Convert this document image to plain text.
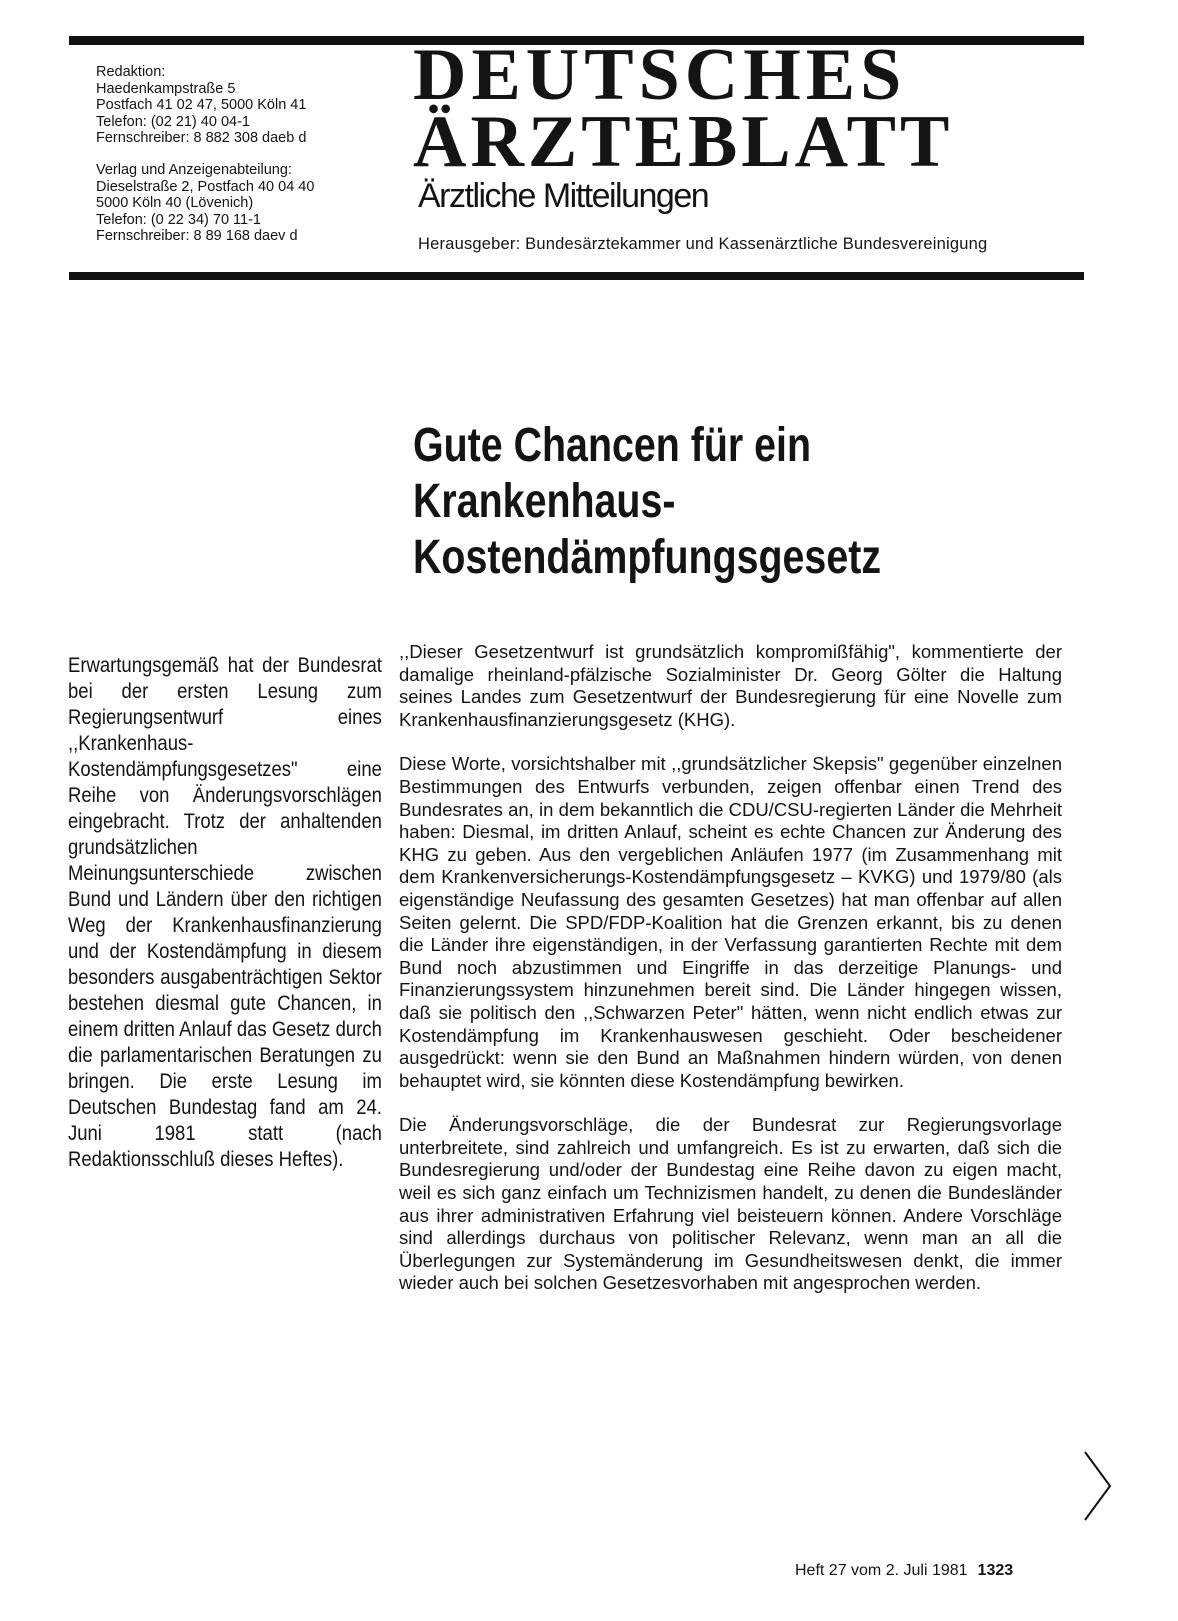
Redaktion:
Haedenkampstraße 5
Postfach 41 02 47, 5000 Köln 41
Telefon: (02 21) 40 04-1
Fernschreiber: 8 882 308 daeb d
Verlag und Anzeigenabteilung:
Dieselstraße 2, Postfach 40 04 40
5000 Köln 40 (Lövenich)
Telefon: (0 22 34) 70 11-1
Fernschreiber: 8 89 168 daev d
DEUTSCHES
ÄRZTEBLATT
Ärztliche Mitteilungen
Herausgeber: Bundesärztekammer und Kassenärztliche Bundesvereinigung
Gute Chancen für ein
Krankenhaus-
Kostendämpfungsgesetz
Erwartungsgemäß hat der Bundesrat bei der ersten Lesung zum Regierungsentwurf eines ,,Krankenhaus-Kostendämpfungsgesetzes" eine Reihe von Änderungsvorschlägen eingebracht. Trotz der anhaltenden grundsätzlichen Meinungsunterschiede zwischen Bund und Ländern über den richtigen Weg der Krankenhausfinanzierung und der Kostendämpfung in diesem besonders ausgabenträchtigen Sektor bestehen diesmal gute Chancen, in einem dritten Anlauf das Gesetz durch die parlamentarischen Beratungen zu bringen. Die erste Lesung im Deutschen Bundestag fand am 24. Juni 1981 statt (nach Redaktionsschluß dieses Heftes).

,,Dieser Gesetzentwurf ist grundsätzlich kompromißfähig", kommentierte der damalige rheinland-pfälzische Sozialminister Dr. Georg Gölter die Haltung seines Landes zum Gesetzentwurf der Bundesregierung für eine Novelle zum Krankenhausfinanzierungsgesetz (KHG).

Diese Worte, vorsichtshalber mit ,,grundsätzlicher Skepsis" gegenüber einzelnen Bestimmungen des Entwurfs verbunden, zeigen offenbar einen Trend des Bundesrates an, in dem bekanntlich die CDU/CSU-regierten Länder die Mehrheit haben: Diesmal, im dritten Anlauf, scheint es echte Chancen zur Änderung des KHG zu geben. Aus den vergeblichen Anläufen 1977 (im Zusammenhang mit dem Krankenversicherungs-Kostendämpfungsgesetz – KVKG) und 1979/80 (als eigenständige Neufassung des gesamten Gesetzes) hat man offenbar auf allen Seiten gelernt. Die SPD/FDP-Koalition hat die Grenzen erkannt, bis zu denen die Länder ihre eigenständigen, in der Verfassung garantierten Rechte mit dem Bund noch abzustimmen und Eingriffe in das derzeitige Planungs- und Finanzierungssystem hinzunehmen bereit sind. Die Länder hingegen wissen, daß sie politisch den ,,Schwarzen Peter" hätten, wenn nicht endlich etwas zur Kostendämpfung im Krankenhauswesen geschieht. Oder bescheidener ausgedrückt: wenn sie den Bund an Maßnahmen hindern würden, von denen behauptet wird, sie könnten diese Kostendämpfung bewirken.

Die Änderungsvorschläge, die der Bundesrat zur Regierungsvorlage unterbreitete, sind zahlreich und umfangreich. Es ist zu erwarten, daß sich die Bundesregierung und/oder der Bundestag eine Reihe davon zu eigen macht, weil es sich ganz einfach um Technizismen handelt, zu denen die Bundesländer aus ihrer administrativen Erfahrung viel beisteuern können. Andere Vorschläge sind allerdings durchaus von politischer Relevanz, wenn man an all die Überlegungen zur Systemänderung im Gesundheitswesen denkt, die immer wieder auch bei solchen Gesetzesvorhaben mit angesprochen werden.

Heft 27 vom 2. Juli 1981 1323
